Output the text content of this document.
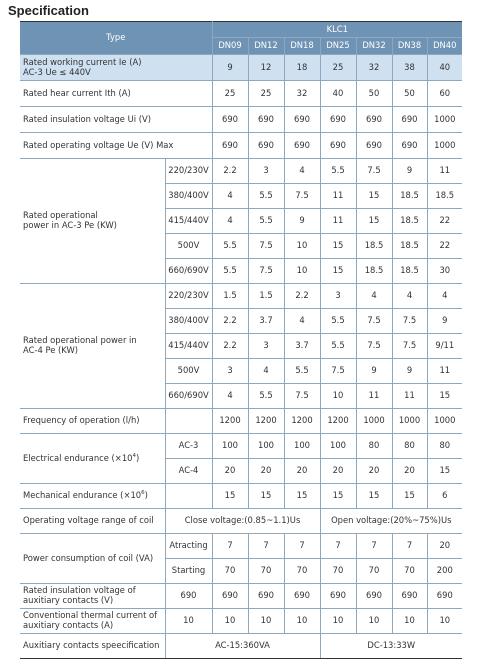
Specification
Type		KLC1						
		DN09	DN12	DN18	DN25	DN32	DN38	DN40
Rated working current Ie (A)
AC-3 Ue ≤ 440V		9	12	18	25	32	38	40
Rated hear current Ith (A)		25	25	32	40	50	50	60
Rated insulation voltage Ui (V)		690	690	690	690	690	690	1000
Rated operating voltage Ue (V) Max		690	690	690	690	690	690	1000
Rated operational
power in AC-3 Pe (KW)	220/230V	2.2	3	4	5.5	7.5	9	11
	380/400V	4	5.5	7.5	11	15	18.5	18.5
	415/440V	4	5.5	9	11	15	18.5	22
	500V	5.5	7.5	10	15	18.5	18.5	22
	660/690V	5.5	7.5	10	15	18.5	18.5	30
Rated operational power in
AC-4 Pe (KW)	220/230V	1.5	1.5	2.2	3	4	4	4
	380/400V	2.2	3.7	4	5.5	7.5	7.5	9
	415/440V	2.2	3	3.7	5.5	7.5	7.5	9/11
	500V	3	4	5.5	7.5	9	9	11
	660/690V	4	5.5	7.5	10	11	11	15
Frequency of operation (l/h)		1200	1200	1200	1200	1000	1000	1000
Electrical endurance $(\times 10^4)$	AC-3	100	100	100	100	80	80	80
	AC-4	20	20	20	20	20	20	15
Mechanical endurance $(\times 10^6)$		15	15	15	15	15	15	6
Operating voltage range of coil	Close voltage:(0.85~1.1)Us				Open voltage:(20%~75%)Us			
Power consumption of coil (VA)	Atracting	7	7	7	7	7	7	20
	Starting	70	70	70	70	70	70	200
Rated insulation voltage of
auxitiary contacts (V)	690	690	690	690	690	690	690	690
Conventional thermal current of
auxitiary contacts (A)	10	10	10	10	10	10	10	10
Auxitiary contacts speecification	AC-15:360VA				DC-13:33W			
